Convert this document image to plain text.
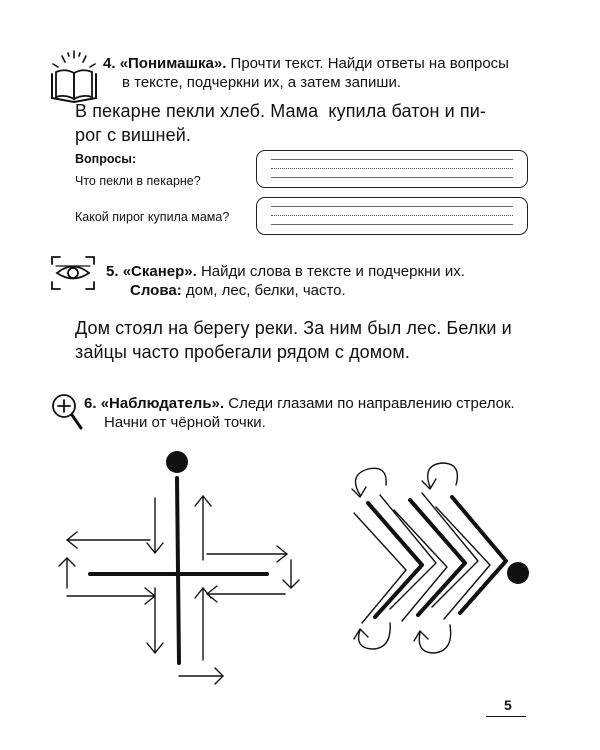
4. «Понимашка». Прочти текст. Найди ответы на вопросы
в тексте, подчеркни их, а затем запиши.
В пекарне пекли хлеб. Мама  купила батон и пи-
рог с вишней.
Вопросы:
Что пекли в пекарне?
Какой пирог купила мама?
5. «Сканер». Найди слова в тексте и подчеркни их.
Слова: дом, лес, белки, часто.
Дом стоял на берегу реки. За ним был лес. Белки и
зайцы часто пробегали рядом с домом.
6. «Наблюдатель». Следи глазами по направлению стрелок.
Начни от чёрной точки.
5
